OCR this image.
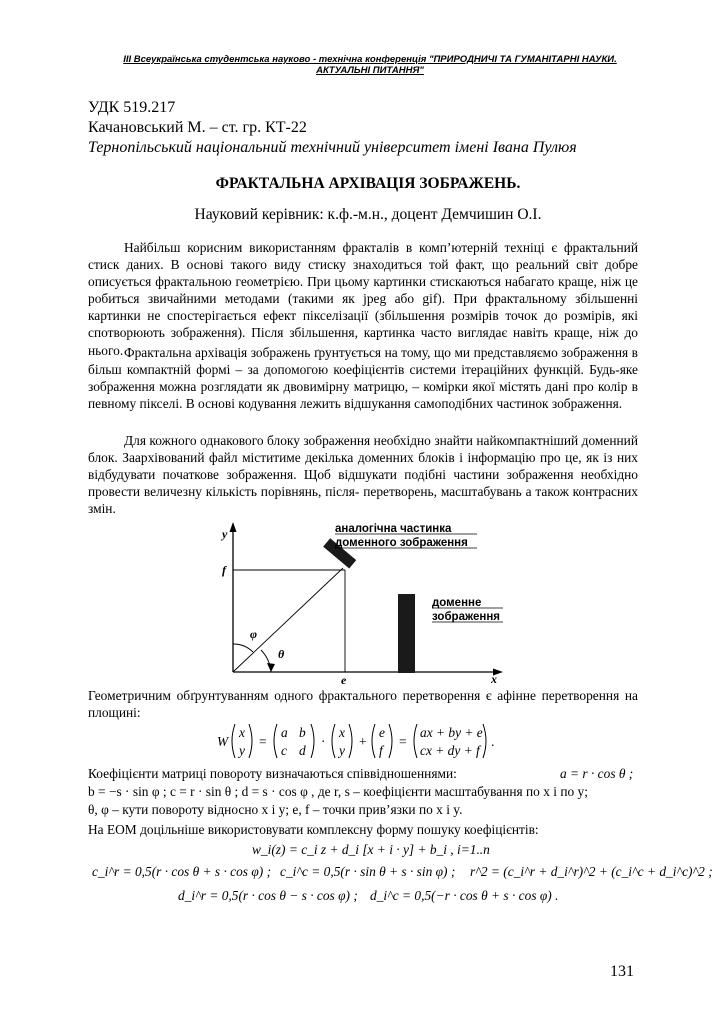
III Всеукраїнська студентська науково - технічна конференція "ПРИРОДНИЧІ ТА ГУМАНІТАРНІ НАУКИ.
АКТУАЛЬНІ ПИТАННЯ"
УДК 519.217
Качановський М. – ст. гр. КТ-22
Тернопільський національний технічний університет імені Івана Пулюя
ФРАКТАЛЬНА АРХІВАЦІЯ ЗОБРАЖЕНЬ.
Науковий керівник: к.ф.-м.н., доцент Демчишин О.І.

Найбільш корисним використанням фракталів в комп’ютерній техніці є фрактальний стиск даних. В основі такого виду стиску знаходиться той факт, що реальний світ добре описується фрактальною геометрією. При цьому картинки стискаються набагато краще, ніж це робиться звичайними методами (такими як jpeg або gif). При фрактальному збільшенні картинки не спостерігається ефект пікселізації (збільшення розмірів точок до розмірів, які спотворюють зображення). Після збільшення, картинка часто виглядає навіть краще, ніж до нього. Фрактальна архівація зображень ґрунтується на тому, що ми представляємо зображення в більш компактній формі – за допомогою коефіцієнтів системи ітераційних функцій. Будь-яке зображення можна розглядати як двовимірну матрицю, – комірки якої містять дані про колір в певному пікселі. В основі кодування лежить відшукання самоподібних частинок зображення.

Для кожного однакового блоку зображення необхідно знайти найкомпактніший доменний блок. Заархівований файл міститиме декілька доменних блоків і інформацію про це, як із них відбудувати початкове зображення. Щоб відшукати подібні частини зображення необхідно провести величезну кількість порівнянь, після- перетворень, масштабувань а також контрасних змін.

аналогічна частинка
доменного зображення
доменне
зображення
y
x
f
e
φ
θ
Геометричним обґрунтуванням одного фрактального перетворення є афінне перетворення на площині:
W
x
y
=
a b
c d
·
x
y
+
e
f
=
ax + by + e
cx + dy + f
.
Коефіцієнти матриці повороту визначаються співвідношеннями:	a = r · cos θ ;
b = −s · sin φ ; c = r · sin θ ; d = s · cos φ , де r, s – коефіцієнти масштабування по x і по y;
θ, φ – кути повороту відносно x і y; e, f – точки прив’язки по x і y.
На ЕОМ доцільніше використовувати комплексну форму пошуку коефіцієнтів:
w_i(z) = c_i z + d_i [x + i · y] + b_i , i=1..n
c_i^r = 0,5(r · cos θ + s · cos φ) ; c_i^c = 0,5(r · sin θ + s · sin φ) ; r^2 = (c_i^r + d_i^r)^2 + (c_i^c + d_i^c)^2 ;
d_i^r = 0,5(r · cos θ − s · cos φ) ; d_i^c = 0,5(−r · cos θ + s · cos φ) .
131
